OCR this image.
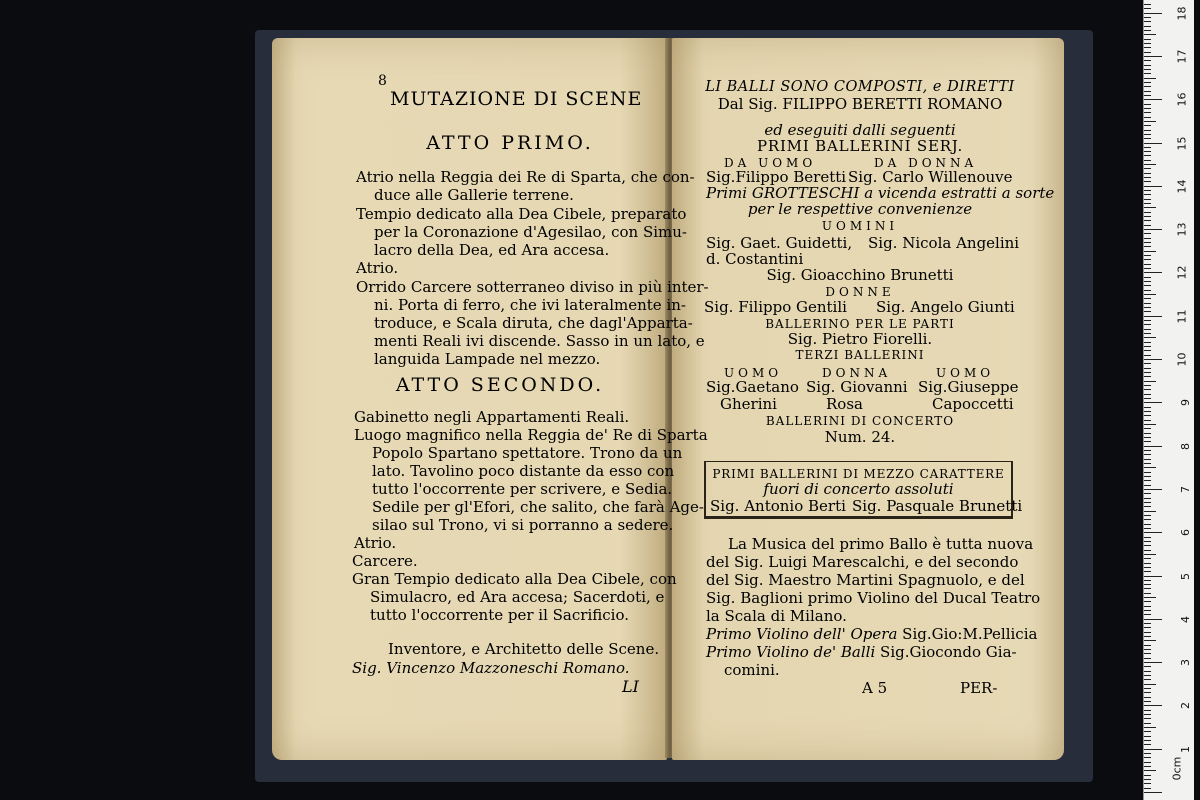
8
MUTAZIONE DI SCENE
ATTO PRIMO.
Atrio nella Reggia dei Re di Sparta, che con-
duce alle Gallerie terrene.
Tempio dedicato alla Dea Cibele, preparato
per la Coronazione d'Agesilao, con Simu-
lacro della Dea, ed Ara accesa.
Atrio.
Orrido Carcere sotterraneo diviso in più inter-
ni. Porta di ferro, che ivi lateralmente in-
troduce, e Scala diruta, che dagl'Apparta-
menti Reali ivi discende. Sasso in un lato, e
languida Lampade nel mezzo.
ATTO SECONDO.
Gabinetto negli Appartamenti Reali.
Luogo magnifico nella Reggia de' Re di Sparta
Popolo Spartano spettatore. Trono da un
lato. Tavolino poco distante da esso con
tutto l'occorrente per scrivere, e Sedia.
Sedile per gl'Efori, che salito, che farà Age-
silao sul Trono, vi si porranno a sedere.
Atrio.
Carcere.
Gran Tempio dedicato alla Dea Cibele, con
Simulacro, ed Ara accesa; Sacerdoti, e
tutto l'occorrente per il Sacrificio.
Inventore, e Architetto delle Scene.
Sig. Vincenzo Mazzoneschi Romano.
LI
LI BALLI SONO COMPOSTI, e DIRETTI
Dal Sig. FILIPPO BERETTI ROMANO
ed eseguiti dalli seguenti
PRIMI BALLERINI SERJ.
DA UOMO	DA DONNA
Sig.Filippo Beretti Sig. Carlo Willenouve
Primi GROTTESCHI a vicenda estratti a sorte
per le respettive convenienze
UOMINI
Sig. Gaet. Guidetti, Sig. Nicola Angelini
d. Costantini
Sig. Gioacchino Brunetti
DONNE
Sig. Filippo Gentili Sig. Angelo Giunti
BALLERINO PER LE PARTI
Sig. Pietro Fiorelli.
TERZI BALLERINI
UOMO	DONNA	UOMO
Sig.Gaetano Sig. Giovanni Sig.Giuseppe
Gherini	Rosa	Capoccetti
BALLERINI DI CONCERTO
Num. 24.
PRIMI BALLERINI DI MEZZO CARATTERE
fuori di concerto assoluti
Sig. Antonio Berti Sig. Pasquale Brunetti
La Musica del primo Ballo è tutta nuova
del Sig. Luigi Marescalchi, e del secondo
del Sig. Maestro Martini Spagnuolo, e del
Sig. Baglioni primo Violino del Ducal Teatro
la Scala di Milano.
Primo Violino dell' Opera Sig.Gio:M.Pellicia
Primo Violino de' Balli Sig.Giocondo Gia-
comini.
A 5	PER-
0cm
1
2
3
4
5
6
7
8
9
10
11
12
13
14
15
16
17
18
